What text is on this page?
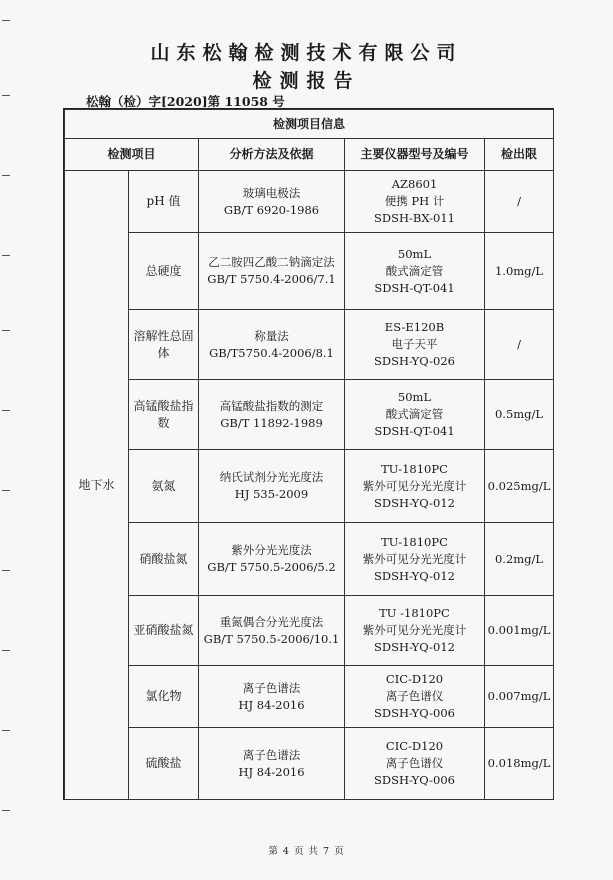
山东松翰检测技术有限公司
检测报告
松翰（检）字[2020]第 11058 号
检测项目信息				
检测项目		分析方法及依据	主要仪器型号及编号	检出限
地下水	pH 值	玻璃电极法
GB/T 6920-1986	AZ8601
便携 PH 计
SDSH-BX-011	/
	总硬度	乙二胺四乙酸二钠滴定法
GB/T 5750.4-2006/7.1	50mL
酸式滴定管
SDSH-QT-041	1.0mg/L
	溶解性总固体	称量法
GB/T5750.4-2006/8.1	ES-E120B
电子天平
SDSH-YQ-026	/
	高锰酸盐指数	高锰酸盐指数的测定
GB/T 11892-1989	50mL
酸式滴定管
SDSH-QT-041	0.5mg/L
	氨氮	纳氏试剂分光光度法
HJ 535-2009	TU-1810PC
紫外可见分光光度计
SDSH-YQ-012	0.025mg/L
	硝酸盐氮	紫外分光光度法
GB/T 5750.5-2006/5.2	TU-1810PC
紫外可见分光光度计
SDSH-YQ-012	0.2mg/L
	亚硝酸盐氮	重氮偶合分光光度法
GB/T 5750.5-2006/10.1	TU -1810PC
紫外可见分光光度计
SDSH-YQ-012	0.001mg/L
	氯化物	离子色谱法
HJ 84-2016	CIC-D120
离子色谱仪
SDSH-YQ-006	0.007mg/L
	硫酸盐	离子色谱法
HJ 84-2016	CIC-D120
离子色谱仪
SDSH-YQ-006	0.018mg/L
第 4 页 共 7 页
